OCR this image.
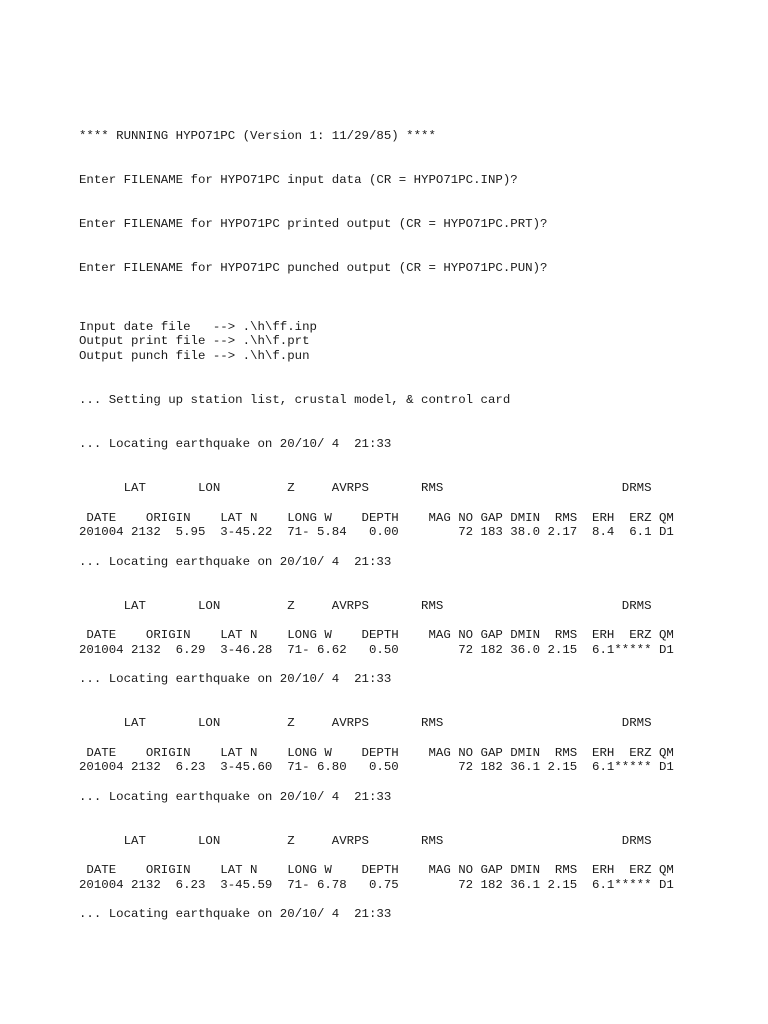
**** RUNNING HYPO71PC (Version 1: 11/29/85) ****
Enter FILENAME for HYPO71PC input data (CR = HYPO71PC.INP)?
Enter FILENAME for HYPO71PC printed output (CR = HYPO71PC.PRT)?
Enter FILENAME for HYPO71PC punched output (CR = HYPO71PC.PUN)?
Input date file   --> .\h\ff.inp
Output print file --> .\h\f.prt
Output punch file --> .\h\f.pun
... Setting up station list, crustal model, & control card
... Locating earthquake on 20/10/ 4  21:33
LAT       LON         Z     AVRPS       RMS                        DRMS
DATE    ORIGIN    LAT N    LONG W    DEPTH    MAG NO GAP DMIN  RMS  ERH  ERZ QM
201004 2132  5.95  3-45.22  71- 5.84   0.00        72 183 38.0 2.17  8.4  6.1 D1
... Locating earthquake on 20/10/ 4  21:33
LAT       LON         Z     AVRPS       RMS                        DRMS
DATE    ORIGIN    LAT N    LONG W    DEPTH    MAG NO GAP DMIN  RMS  ERH  ERZ QM
201004 2132  6.29  3-46.28  71- 6.62   0.50        72 182 36.0 2.15  6.1***** D1
... Locating earthquake on 20/10/ 4  21:33
LAT       LON         Z     AVRPS       RMS                        DRMS
DATE    ORIGIN    LAT N    LONG W    DEPTH    MAG NO GAP DMIN  RMS  ERH  ERZ QM
201004 2132  6.23  3-45.60  71- 6.80   0.50        72 182 36.1 2.15  6.1***** D1
... Locating earthquake on 20/10/ 4  21:33
LAT       LON         Z     AVRPS       RMS                        DRMS
DATE    ORIGIN    LAT N    LONG W    DEPTH    MAG NO GAP DMIN  RMS  ERH  ERZ QM
201004 2132  6.23  3-45.59  71- 6.78   0.75        72 182 36.1 2.15  6.1***** D1
... Locating earthquake on 20/10/ 4  21:33
